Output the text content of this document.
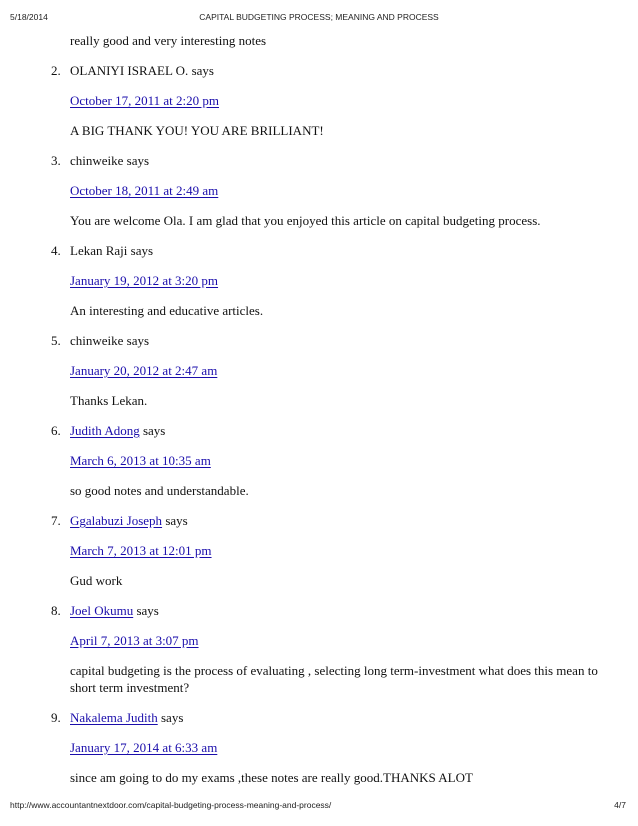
5/18/2014	CAPITAL BUDGETING PROCESS; MEANING AND PROCESS
really good and very interesting notes
2. OLANIYI ISRAEL O. says
October 17, 2011 at 2:20 pm
A BIG THANK YOU! YOU ARE BRILLIANT!
3. chinweike says
October 18, 2011 at 2:49 am
You are welcome Ola. I am glad that you enjoyed this article on capital budgeting process.
4. Lekan Raji says
January 19, 2012 at 3:20 pm
An interesting and educative articles.
5. chinweike says
January 20, 2012 at 2:47 am
Thanks Lekan.
6. Judith Adong says
March 6, 2013 at 10:35 am
so good notes and understandable.
7. Ggalabuzi Joseph says
March 7, 2013 at 12:01 pm
Gud work
8. Joel Okumu says
April 7, 2013 at 3:07 pm
capital budgeting is the process of evaluating , selecting long term-investment what does this mean to short term investment?
9. Nakalema Judith says
January 17, 2014 at 6:33 am
since am going to do my exams ,these notes are really good.THANKS ALOT
http://www.accountantnextdoor.com/capital-budgeting-process-meaning-and-process/	4/7
